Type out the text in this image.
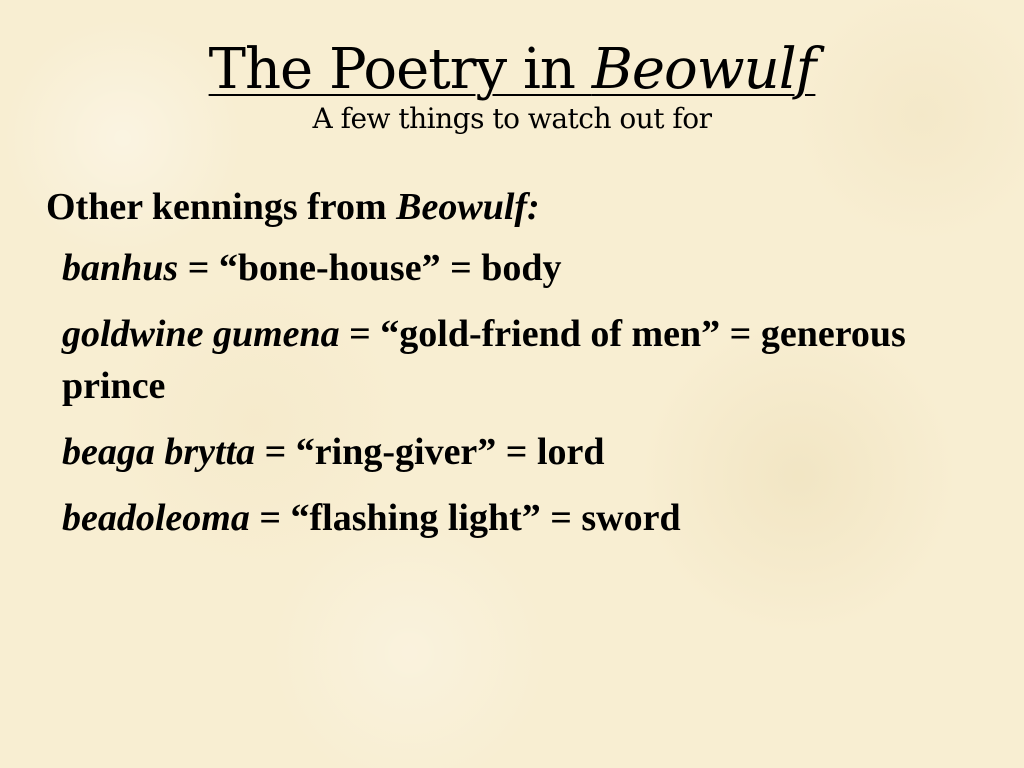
The Poetry in Beowulf
A few things to watch out for
Other kennings from Beowulf:
banhus = “bone-house” = body
goldwine gumena = “gold-friend of men” = generous prince
beaga brytta = “ring-giver” = lord
beadoleoma = “flashing light” = sword
